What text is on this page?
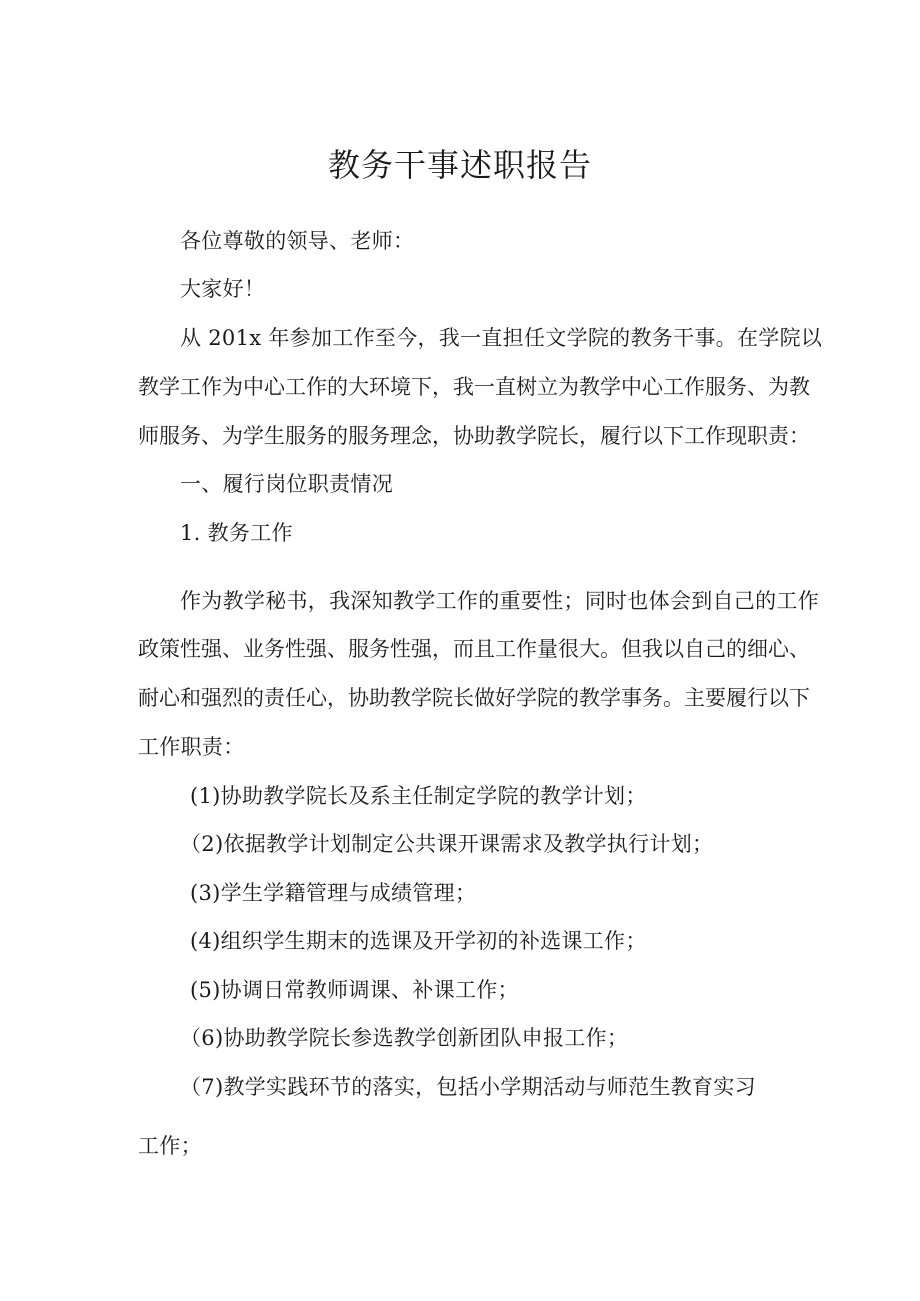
教务干事述职报告
各位尊敬的领导、老师：
大家好！
从 201x 年参加工作至今，我一直担任文学院的教务干事。在学院以
教学工作为中心工作的大环境下，我一直树立为教学中心工作服务、为教
师服务、为学生服务的服务理念，协助教学院长，履行以下工作现职责：
一、履行岗位职责情况
1. 教务工作
作为教学秘书，我深知教学工作的重要性；同时也体会到自己的工作
政策性强、业务性强、服务性强，而且工作量很大。但我以自己的细心、
耐心和强烈的责任心，协助教学院长做好学院的教学事务。主要履行以下
工作职责：
(1)协助教学院长及系主任制定学院的教学计划；
（2)依据教学计划制定公共课开课需求及教学执行计划；
(3)学生学籍管理与成绩管理；
(4)组织学生期末的选课及开学初的补选课工作；
(5)协调日常教师调课、补课工作；
（6)协助教学院长参选教学创新团队申报工作；
（7)教学实践环节的落实，包括小学期活动与师范生教育实习
工作；
